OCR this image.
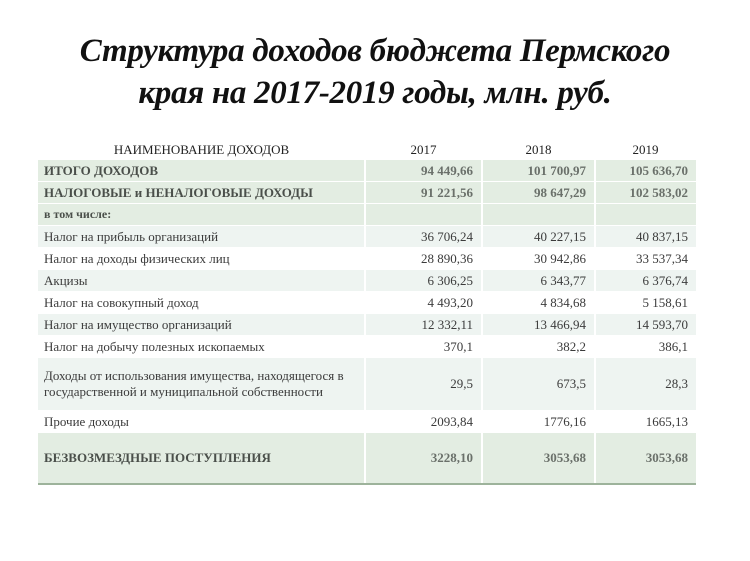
Структура доходов бюджета Пермского
края на 2017-2019 годы, млн. руб.
НАИМЕНОВАНИЕ ДОХОДОВ	2017	2018	2019
ИТОГО ДОХОДОВ	94 449,66	101 700,97	105 636,70
НАЛОГОВЫЕ и НЕНАЛОГОВЫЕ ДОХОДЫ	91 221,56	98 647,29	102 583,02
в том числе:			
Налог на прибыль организаций	36 706,24	40 227,15	40 837,15
Налог на доходы физических лиц	28 890,36	30 942,86	33 537,34
Акцизы	6 306,25	6 343,77	6 376,74
Налог на совокупный доход	4 493,20	4 834,68	5 158,61
Налог на имущество организаций	12 332,11	13 466,94	14 593,70
Налог на добычу полезных ископаемых	370,1	382,2	386,1
Доходы от использования имущества, находящегося в государственной и муниципальной собственности	29,5	673,5	28,3
Прочие доходы	2093,84	1776,16	1665,13
БЕЗВОЗМЕЗДНЫЕ ПОСТУПЛЕНИЯ	3228,10	3053,68	3053,68
